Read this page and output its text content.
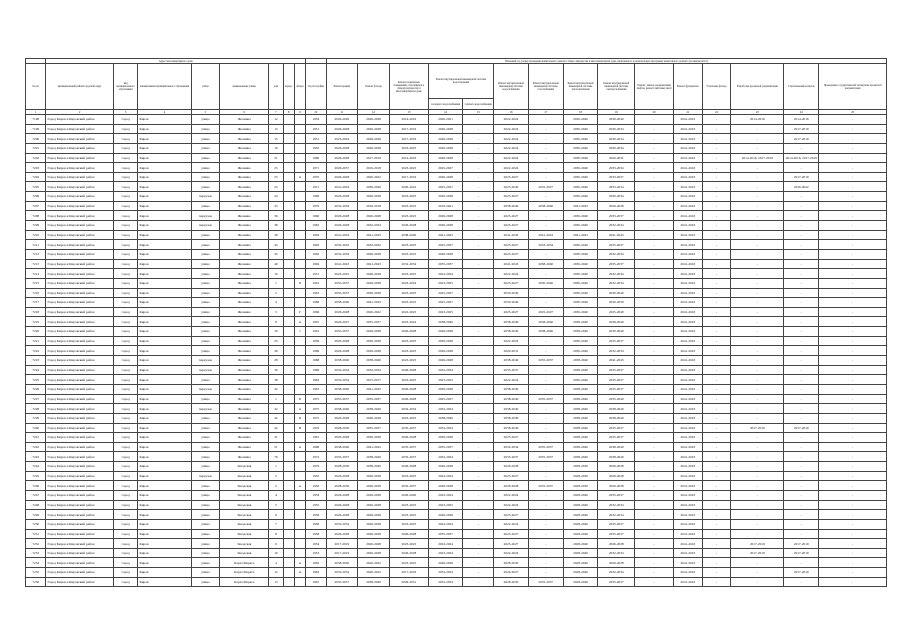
	Адрес многоквартирного дома									Плановый год (годы) проведения капитального ремонта общего имущества в многоквартирном доме, включенного в региональную программу капитального ремонта (по видам работ)														
№ п/п	муниципальный район/городской округ	вид муниципального образования	наименование муниципального образования	улица	наименование улицы	дом	корпус	литера	Год постройки	Ремонт крыши	Ремонт фасада	Ремонт подвальных помещений, относящихся к общему имуществу в многоквартирном доме	Ремонт внутридомовой инженерной системы водоотведения		Ремонт внутридомовой инженерной системы водоснабжения	Ремонт внутридомовой инженерной системы газоснабжения	Ремонт внутридомовой инженерной системы теплоснабжения	Ремонт внутридомовой инженерной системы электроснабжения	Ремонт, замена, модернизация лифтов, ремонт лифтовых шахт	Ремонт фундамента	Утепление фасада	Разработка проектной документации	Строительный контроль	Проведение государственной экспертизы проектной документации
													холодного водоснабжения	горячего водоснабжения										
1	2	3	4	5	6	7	8	9	10	11	12	13	14	15	16	17	18	19	20	21	22	23	24	25
7198	Город Киров и Кировский район	город	Киров	улица	Жолкина	12			1954	2026-2026	2026-2028	2014-2016	2020-2021	-	2022-2024	-	2030-2040	2030-2040	-	2041-2043	-	2014-2016	2014-2016	-
7199	Город Киров и Кировский район	город	Киров	улица	Жолкина	13			1951	2026-2028	2026-2028	2017-2019	2026-2028	-	2022-2024	-	2030-2040	2030-2034	-	2041-2043	-	-	2017-2019	-
7200	Город Киров и Кировский район	город	Киров	улица	Жолкина	15			1951	2023-2024	2026-2028	2017-2019	2026-2028	-	2022-2024	-	2030-2040	2030-2034	-	2041-2043	-	-	2017-2019	-
7201	Город Киров и Кировский район	город	Киров	улица	Жолкина	16			1952	2026-2028	2026-2028	2023-2025	2026-2028	-	2022-2024	-	2030-2040	2030-2034	-	2041-2043	-	-	-	-
7202	Город Киров и Кировский район	город	Киров	улица	Жолкина	21			1960	2026-2028	2017-2019	2014-2016	2026-2028	-	2022-2024	-	2030-2040	2020-2031	-	2041-2043	-	2014-2016, 2017-2019	2014-2016, 2017-2019	-
7203	Город Киров и Кировский район	город	Киров	улица	Жолкина	23			1971	2026-2037	2016-2018	2023-2025	2025-2027	-	2022-2024	-	2030-2040	2033-2034	-	2041-2043	-	-	-	-
7204	Город Киров и Кировский район	город	Киров	улица	Жолкина	23		А	1970	2026-2028	2020-2022	2017-2019	2026-2028	-	2025-2027	-	2030-2040	2033-2037	-	2041-2043	-	-	2017-2019	-
7205	Город Киров и Кировский район	город	Киров	улица	Жолкина	23			1971	2041-2043	2038-2040	2020-2022	2025-2027	-	2025-2040	2035-2027	2030-2040	2033-2034	-	2041-2043	-	-	2020-2022	-
7206	Город Киров и Кировский район	город	Киров	переулок	Жолкина	24			1969	2026-2028	2026-2028	2023-2025	2026-2028	-	2025-2027	-	2030-2040	2030-2034	-	2041-2043	-	-	-	-
7207	Город Киров и Кировский район	город	Киров	улица	Жолкина	33			1979	2032-2034	2016-2018	2023-2025	2016-2041	-	2038-2040	2038-2040	2041-2043	2026-2028	-	2041-2043	-	-	-	-
7208	Город Киров и Кировский район	город	Киров	переулок	Жолкина	36			1960	2026-2028	2026-2028	2023-2025	2026-2028	-	2025-2027	-	2030-2040	2033-2037	-	2041-2043	-	-	-	-
7209	Город Киров и Кировский район	город	Киров	переулок	Жолкина	38			1962	2026-2028	2032-2034	2026-2028	2026-2028	-	2025-2027	-	2030-2040	2032-2034	-	2041-2043	-	-	-	-
7210	Город Киров и Кировский район	город	Киров	улица	Жолкина	39			1994	2041-2043	2041-2043	2038-2040	2041-2043	-	2041-2043	2041-2043	2041-2043	2041-2043	-	2041-2043	-	-	-	-
7211	Город Киров и Кировский район	город	Киров	улица	Жолкина	43			1993	2032-2032	2032-2032	2023-2025	2025-2027	-	2025-2027	2032-2034	2030-2040	2035-2037	-	2041-2043	-	-	-	-
7212	Город Киров и Кировский район	город	Киров	улица	Жолкина	45			1962	2032-2034	2026-2028	2023-2025	2026-2028	-	2025-2027	-	2030-2040	2032-2034	-	2041-2043	-	-	-	-
7213	Город Киров и Кировский район	город	Киров	улица	Жолкина	49			1994	2041-2043	2041-2043	2032-2034	2035-2037	-	2041-2043	2038-2040	2030-2040	2035-2037	-	2041-2043	-	-	-	-
7214	Город Киров и Кировский район	город	Киров	улица	Жолкина	10			1951	2023-2025	2026-2028	2023-2025	2022-2024	-	2022-2024	-	2030-2040	2032-2034	-	2041-2043	-	-	-	-
7215	Город Киров и Кировский район	город	Киров	улица	Жолкина	1		Б	1961	2035-2037	2026-2028	2023-2024	2023-2025	-	2025-2027	2030-2040	2030-2040	2032-2034	-	2041-2043	-	-	-	-
7216	Город Киров и Кировский район	город	Киров	улица	Жолкина	2			1963	2035-2037	2026-2028	2023-2025	2025-2027	-	2030-2040	-	2030-2040	2030-2040	-	2041-2043	-	-	-	-
7217	Город Киров и Кировский район	город	Киров	улица	Жолкина	4			1968	2038-2040	2041-2043	2023-2025	2025-2027	-	2030-2040	-	2030-2040	2030-2039	-	2041-2043	-	-	-	-
7218	Город Киров и Кировский район	город	Киров	улица	Жолкина	5		Г	1966	2026-2028	2020-2022	2022-2025	2023-2025	-	2025-2027	2025-2027	2030-2040	2025-2040	-	2041-2043	-	-	-	-
7219	Город Киров и Кировский район	город	Киров	улица	Жолкина	8		А	1967	2026-2027	2035-2037	2023-2024	2038-2040	-	2038-2040	2038-2040	2038-2040	2038-2040	-	2041-2043	-	-	-	-
7220	Город Киров и Кировский район	город	Киров	улица	Жолкина	10		1	1961	2035-2037	2026-2028	2026-2028	2026-2028	-	2038-2040	2038-2040	2038-2040	2030-2040	-	2041-2043	-	-	-	-
7221	Город Киров и Кировский район	город	Киров	улица	Жолкина	25			1959	2026-2028	2026-2028	2023-2025	2026-2028	-	2022-2024	-	2030-2040	2035-2037	-	2041-2043	-	-	-	-
7222	Город Киров и Кировский район	город	Киров	улица	Жолкина	26			1969	2026-2028	2026-2028	2023-2025	2026-2028	-	2029-2031	-	2030-2040	2032-2034	-	2041-2043	-	-	-	-
7223	Город Киров и Кировский район	город	Киров	переулок	Жолкина	28			1968	2038-2040	2038-2040	2023-2025	2026-2028	-	2038-2040	2035-2037	2038-2040	2041-2043	-	2041-2043	-	-	-	-
7224	Город Киров и Кировский район	город	Киров	переулок	Жолкина	30			1969	2032-2034	2032-2034	2026-2028	2032-2034	-	2035-2037	-	2038-2040	2035-2037	-	2041-2043	-	-	-	-
7225	Город Киров и Кировский район	город	Киров	улица	Жолкина	38			1963	2032-2034	2015-2017	2023-2025	2023-2025	-	2022-2024	-	2030-2040	2035-2037	-	2041-2043	-	-	-	-
7226	Город Киров и Кировский район	город	Киров	переулок	Жолкина	42			1963	2038-2040	2041-2043	2026-2028	2026-2028	-	2038-2040	-	2038-2040	2035-2037	-	2041-2043	-	-	-	-
7227	Город Киров и Кировский район	город	Киров	улица	Жолкина	1		Б	1975	2035-2037	2035-2037	2026-2028	2025-2027	-	2038-2040	2035-2037	2038-2040	2035-2040	-	2041-2043	-	-	-	-
7228	Город Киров и Кировский район	город	Киров	переулок	Жолкина	42		А	1975	2038-2040	2038-2040	2032-2034	2032-2034	-	2038-2040	-	2038-2040	2038-2040	-	2041-2043	-	-	-	-
7229	Город Киров и Кировский район	город	Киров	улица	Жолкина	42		Б	1975	2026-2028	2026-2028	2023-2025	2038-2040	-	2038-2040	-	2038-2040	2038-2040	-	2041-2043	-	-	-	-
7240	Город Киров и Кировский район	город	Киров	улица	Жолкина	42		В	1979	2028-2030	2035-2037	2035-2037	2032-2034	-	2038-2040	-	2038-2040	2035-2037	-	2041-2043	-	2017-2019	2017-2019	-
7241	Город Киров и Кировский район	город	Киров	улица	Жолкина	31			1961	2026-2028	2026-2028	2026-2028	2026-2028	-	2025-2027	-	2038-2040	2035-2037	-	2041-2043	-	-	-	-
7242	Город Киров и Кировский район	город	Киров	улица	Жолкина	51		А	1998	2038-2040	2041-2043	2035-2037	2035-2037	-	2032-2034	2035-2037	2038-2040	2038-2040	-	2041-2043	-	-	-	-
7243	Город Киров и Кировский район	город	Киров	улица	Жолкина	76			1972	2035-2037	2038-2040	2035-2037	2032-2034	-	2035-2037	2035-2037	2038-2040	2038-2040	-	2041-2043	-	-	-	-
7244	Город Киров и Кировский район	город	Киров	улица	Заводская	1			1979	2028-2030	2038-2040	2026-2028	2026-2028	-	2026-2028	-	2028-2030	2026-2028	-	2041-2043	-	-	-	-
7245	Город Киров и Кировский район	город	Киров	переулок	Заводская	2			1952	2026-2028	2026-2028	2023-2025	2022-2024	-	2025-2027	-	2028-2030	2026-2028	-	2041-2043	-	-	-	-
7246	Город Киров и Кировский район	город	Киров	улица	Заводская	2		А	1956	2028-2030	2026-2028	2035-2037	2026-2028	-	2026-2028	2035-2037	2028-2030	2026-2028	-	2041-2043	-	-	-	-
7247	Город Киров и Кировский район	город	Киров	улица	Заводская	4			1954	2026-2028	2026-2028	2026-2040	2022-2024	-	2022-2024	-	2028-2040	2035-2037	-	2041-2043	-	-	-	-
7248	Город Киров и Кировский район	город	Киров	улица	Заводская	5			1955	2026-2028	2026-2028	2023-2025	2023-2025	-	2022-2024	-	2028-2040	2032-2034	-	2041-2043	-	-	-	-
7249	Город Киров и Кировский район	город	Киров	улица	Заводская	6			1956	2026-2028	2026-2028	2023-2025	2026-2028	-	2025-2027	-	2028-2040	2032-2034	-	2041-2043	-	-	-	-
7250	Город Киров и Кировский район	город	Киров	улица	Заводская	7			1956	2032-2034	2026-2028	2023-2025	2022-2024	-	2022-2024	-	2028-2040	2035-2037	-	2041-2043	-	-	-	-
7251	Город Киров и Кировский район	город	Киров	улица	Заводская	8			1958	2026-2028	2026-2028	2026-2028	2035-2037	-	2025-2027	-	2028-2040	2035-2037	-	2041-2043	-	-	-	-
7252	Город Киров и Кировский район	город	Киров	улица	Заводская	9			1954	2017-2019	2026-2028	2023-2025	2022-2024	-	2025-2027	-	2028-2040	2026-2028	-	2041-2043	-	2017-2019	2017-2019	-
7253	Город Киров и Кировский район	город	Киров	улица	Заводская	10			1953	2017-2019	2026-2028	2026-2028	2023-2024	-	2022-2024	-	2028-2040	2032-2034	-	2041-2043	-	2017-2019	2017-2019	-
7254	Город Киров и Кировский район	город	Киров	улица	Карла Маркса	4		А	1962	2038-2040	2020-2022	2023-2025	2026-2028	-	2028-2030	-	2028-2040	2026-2028	-	2041-2043	-	-	-	-
7255	Город Киров и Кировский район	город	Киров	улица	Карла Маркса	12		А	1963	2032-2034	2020-2022	2017-2019	2032-2034	-	2026-2027	-	2028-2040	2032-2034	-	2041-2043	-	-	2017-2019	-
7256	Город Киров и Кировский район	город	Киров	улица	Карла Маркса	13			1967	2035-2037	2038-2040	2029-2031	2032-2034	-	2028-2030	2035-2037	2028-2040	2035-2037	-	2041-2043	-	-	-	-
